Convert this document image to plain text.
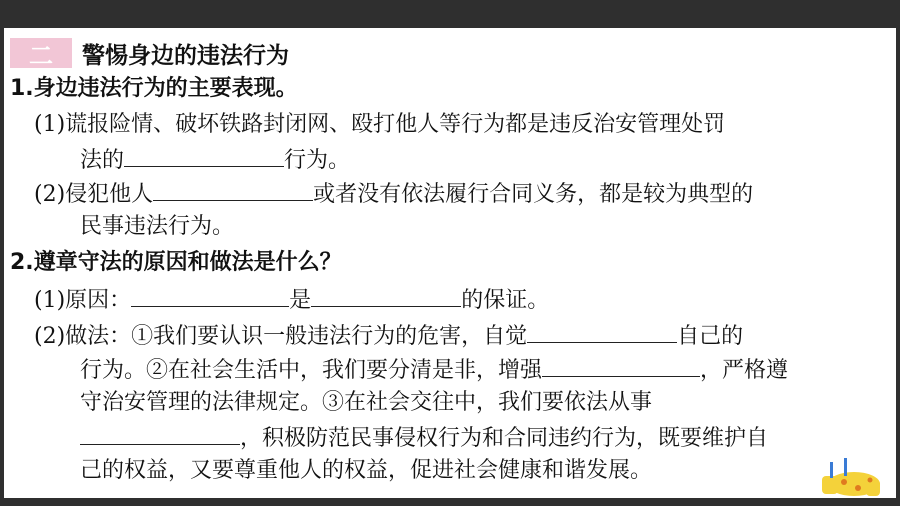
二	警惕身边的违法行为
1.身边违法行为的主要表现。
(1)谎报险情、破坏铁路封闭网、殴打他人等行为都是违反治安管理处罚
法的	行为。
(2)侵犯他人	或者没有依法履行合同义务，都是较为典型的
民事违法行为。
2.遵章守法的原因和做法是什么？
(1)原因：	是	的保证。
(2)做法：①我们要认识一般违法行为的危害，自觉	自己的
行为。②在社会生活中，我们要分清是非，增强	，严格遵
守治安管理的法律规定。③在社会交往中，我们要依法从事
，积极防范民事侵权行为和合同违约行为，既要维护自
己的权益，又要尊重他人的权益，促进社会健康和谐发展。
